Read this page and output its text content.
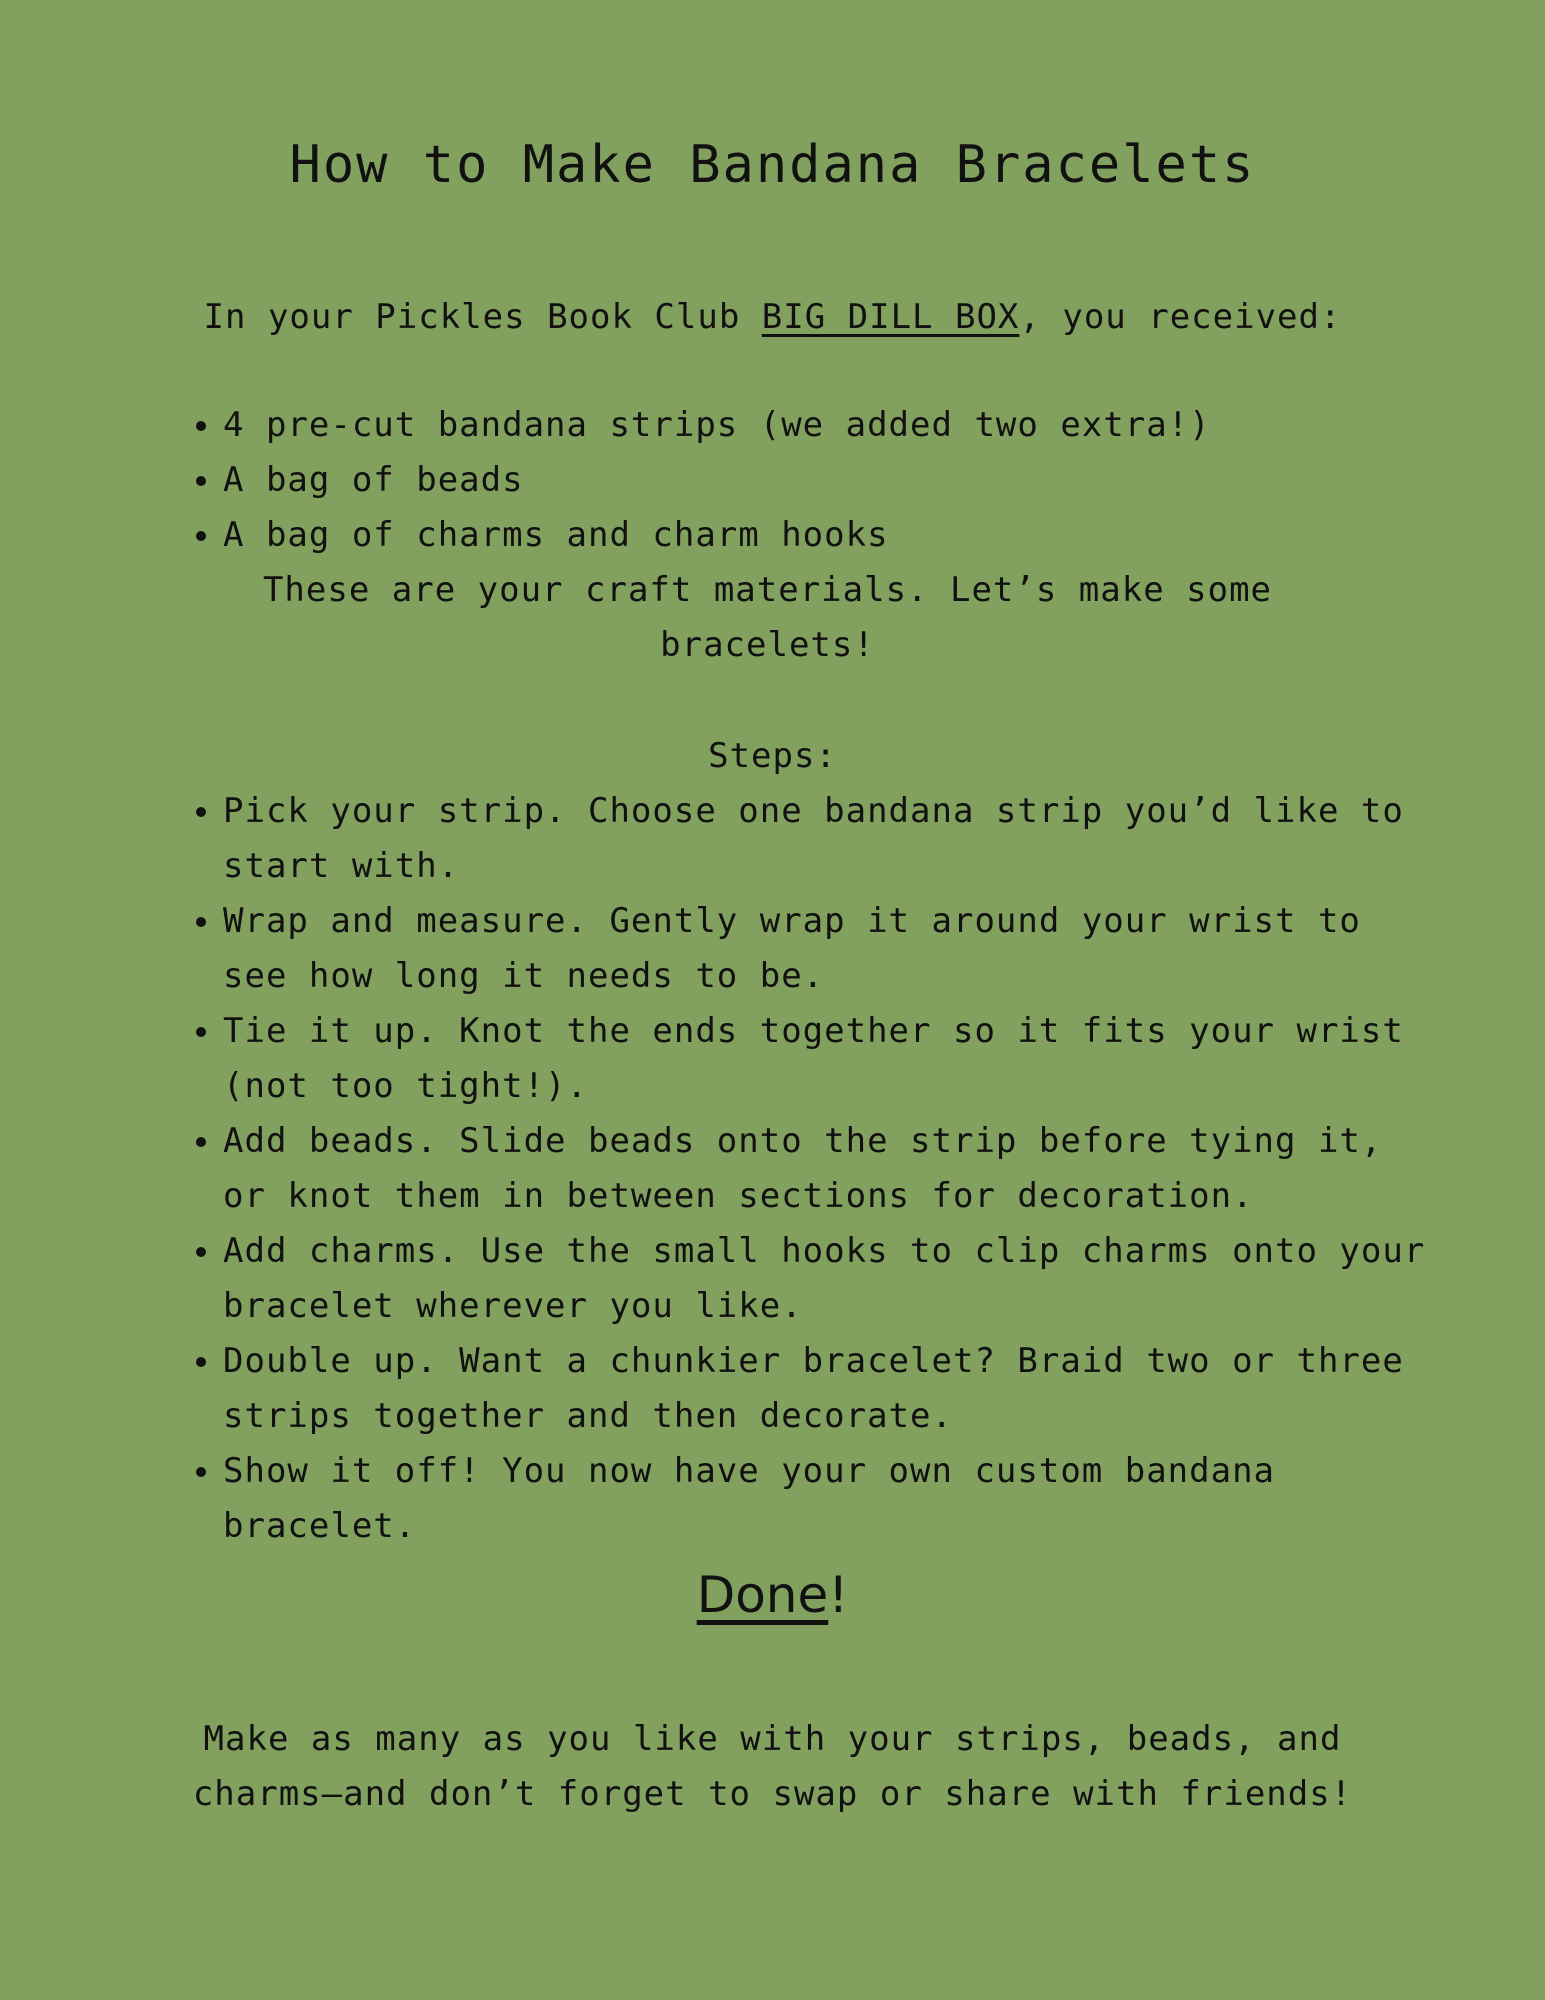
How to Make Bandana Bracelets
In your Pickles Book Club BIG DILL BOX, you received:
• 4 pre-cut bandana strips (we added two extra!)
• A bag of beads
• A bag of charms and charm hooks
These are your craft materials. Let’s make some bracelets!
Steps:
• Pick your strip. Choose one bandana strip you’d like to start with.
• Wrap and measure. Gently wrap it around your wrist to see how long it needs to be.
• Tie it up. Knot the ends together so it fits your wrist (not too tight!).
• Add beads. Slide beads onto the strip before tying it, or knot them in between sections for decoration.
• Add charms. Use the small hooks to clip charms onto your bracelet wherever you like.
• Double up. Want a chunkier bracelet? Braid two or three strips together and then decorate.
• Show it off! You now have your own custom bandana bracelet.
Done!
Make as many as you like with your strips, beads, and charms—and don’t forget to swap or share with friends!
